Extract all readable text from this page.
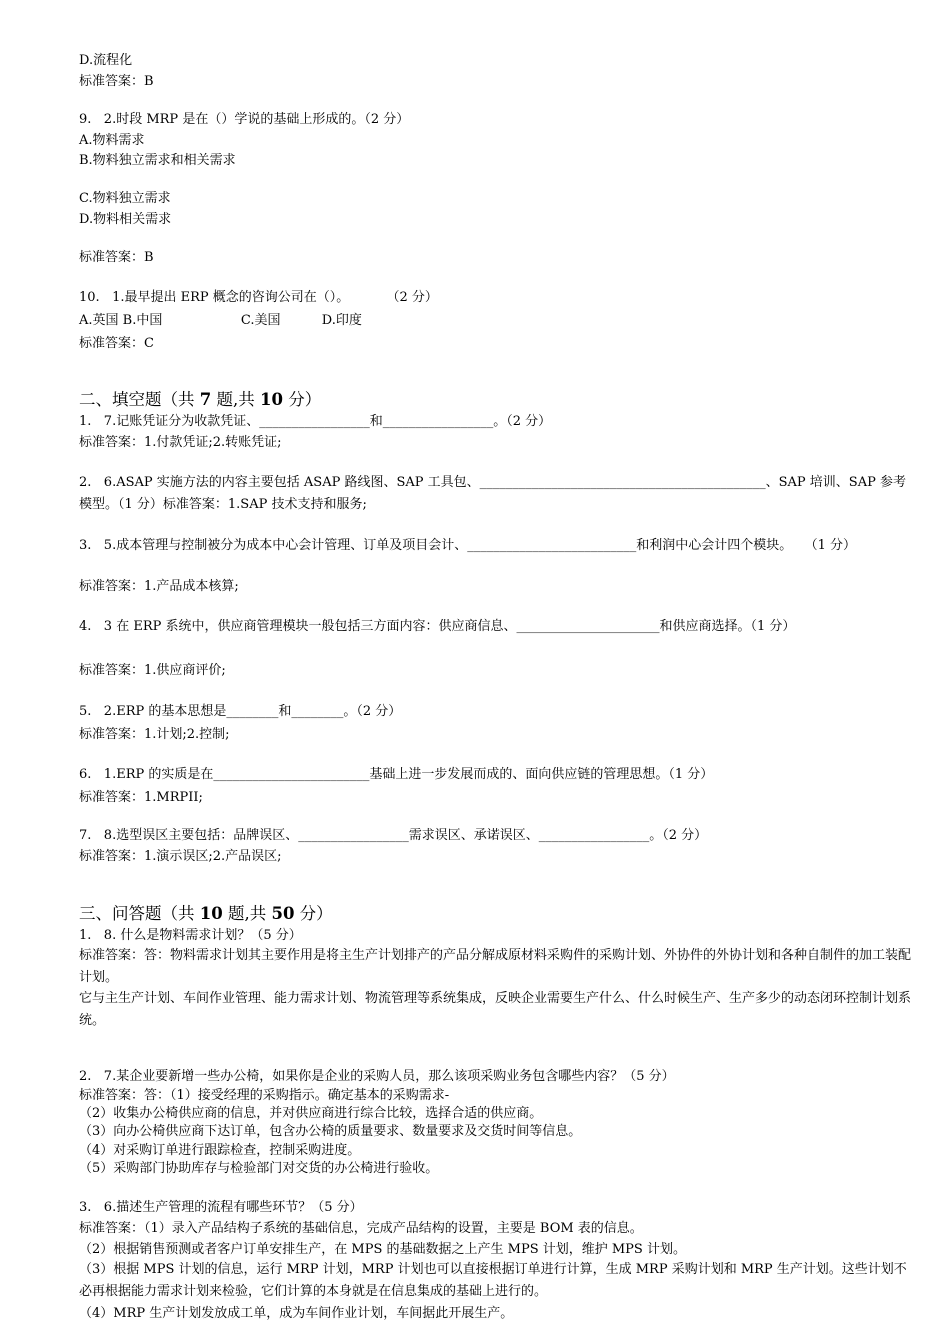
D.流程化
标准答案：B
9.   2.时段 MRP 是在（）学说的基础上形成的。（2 分）
A.物料需求
B.物料独立需求和相关需求
C.物料独立需求
D.物料相关需求
标准答案：B
10.   1.最早提出 ERP 概念的咨询公司在（）。         （2 分）
A.英国 B.中国                   C.美国          D.印度
标准答案：C
二、填空题（共 7 题,共 10 分）
1.   7.记账凭证分为收款凭证、_________________和_________________。（2 分）
标准答案：1.付款凭证;2.转账凭证;
2.   6.ASAP 实施方法的内容主要包括 ASAP 路线图、SAP 工具包、____________________________________________、SAP 培训、SAP 参考模型。（1 分）标准答案：1.SAP 技术支持和服务;
3.   5.成本管理与控制被分为成本中心会计管理、订单及项目会计、__________________________和利润中心会计四个模块。   （1 分）
标准答案：1.产品成本核算;
4.   3 在 ERP 系统中，供应商管理模块一般包括三方面内容：供应商信息、______________________和供应商选择。（1 分）
标准答案：1.供应商评价;
5.   2.ERP 的基本思想是________和________。（2 分）
标准答案：1.计划;2.控制;
6.   1.ERP 的实质是在________________________基础上进一步发展而成的、面向供应链的管理思想。（1 分）
标准答案：1.MRPII;
7.   8.选型误区主要包括：品牌误区、_________________需求误区、承诺误区、_________________。（2 分）
标准答案：1.演示误区;2.产品误区;
三、问答题（共 10 题,共 50 分）
1.   8. 什么是物料需求计划？（5 分）
标准答案：答：物料需求计划其主要作用是将主生产计划排产的产品分解成原材料采购件的采购计划、外协件的外协计划和各种自制件的加工装配计划。
它与主生产计划、车间作业管理、能力需求计划、物流管理等系统集成，反映企业需要生产什么、什么时候生产、生产多少的动态闭环控制计划系统。
2.   7.某企业要新增一些办公椅，如果你是企业的采购人员，那么该项采购业务包含哪些内容？（5 分）
标准答案：答：（1）接受经理的采购指示。确定基本的采购需求-
（2）收集办公椅供应商的信息，并对供应商进行综合比较，选择合适的供应商。
（3）向办公椅供应商下达订单，包含办公椅的质量要求、数量要求及交货时间等信息。
（4）对采购订单进行跟踪检查，控制采购进度。
（5）采购部门协助库存与检验部门对交货的办公椅进行验收。
3.   6.描述生产管理的流程有哪些环节？（5 分）
标准答案：（1）录入产品结构子系统的基础信息，完成产品结构的设置，主要是 BOM 表的信息。
（2）根据销售预测或者客户订单安排生产，在 MPS 的基础数据之上产生 MPS 计划，维护 MPS 计划。
（3）根据 MPS 计划的信息，运行 MRP 计划，MRP 计划也可以直接根据订单进行计算，生成 MRP 采购计划和 MRP 生产计划。这些计划不必再根据能力需求计划来检验，它们计算的本身就是在信息集成的基础上进行的。
（4）MRP 生产计划发放成工单，成为车间作业计划，车间据此开展生产。
